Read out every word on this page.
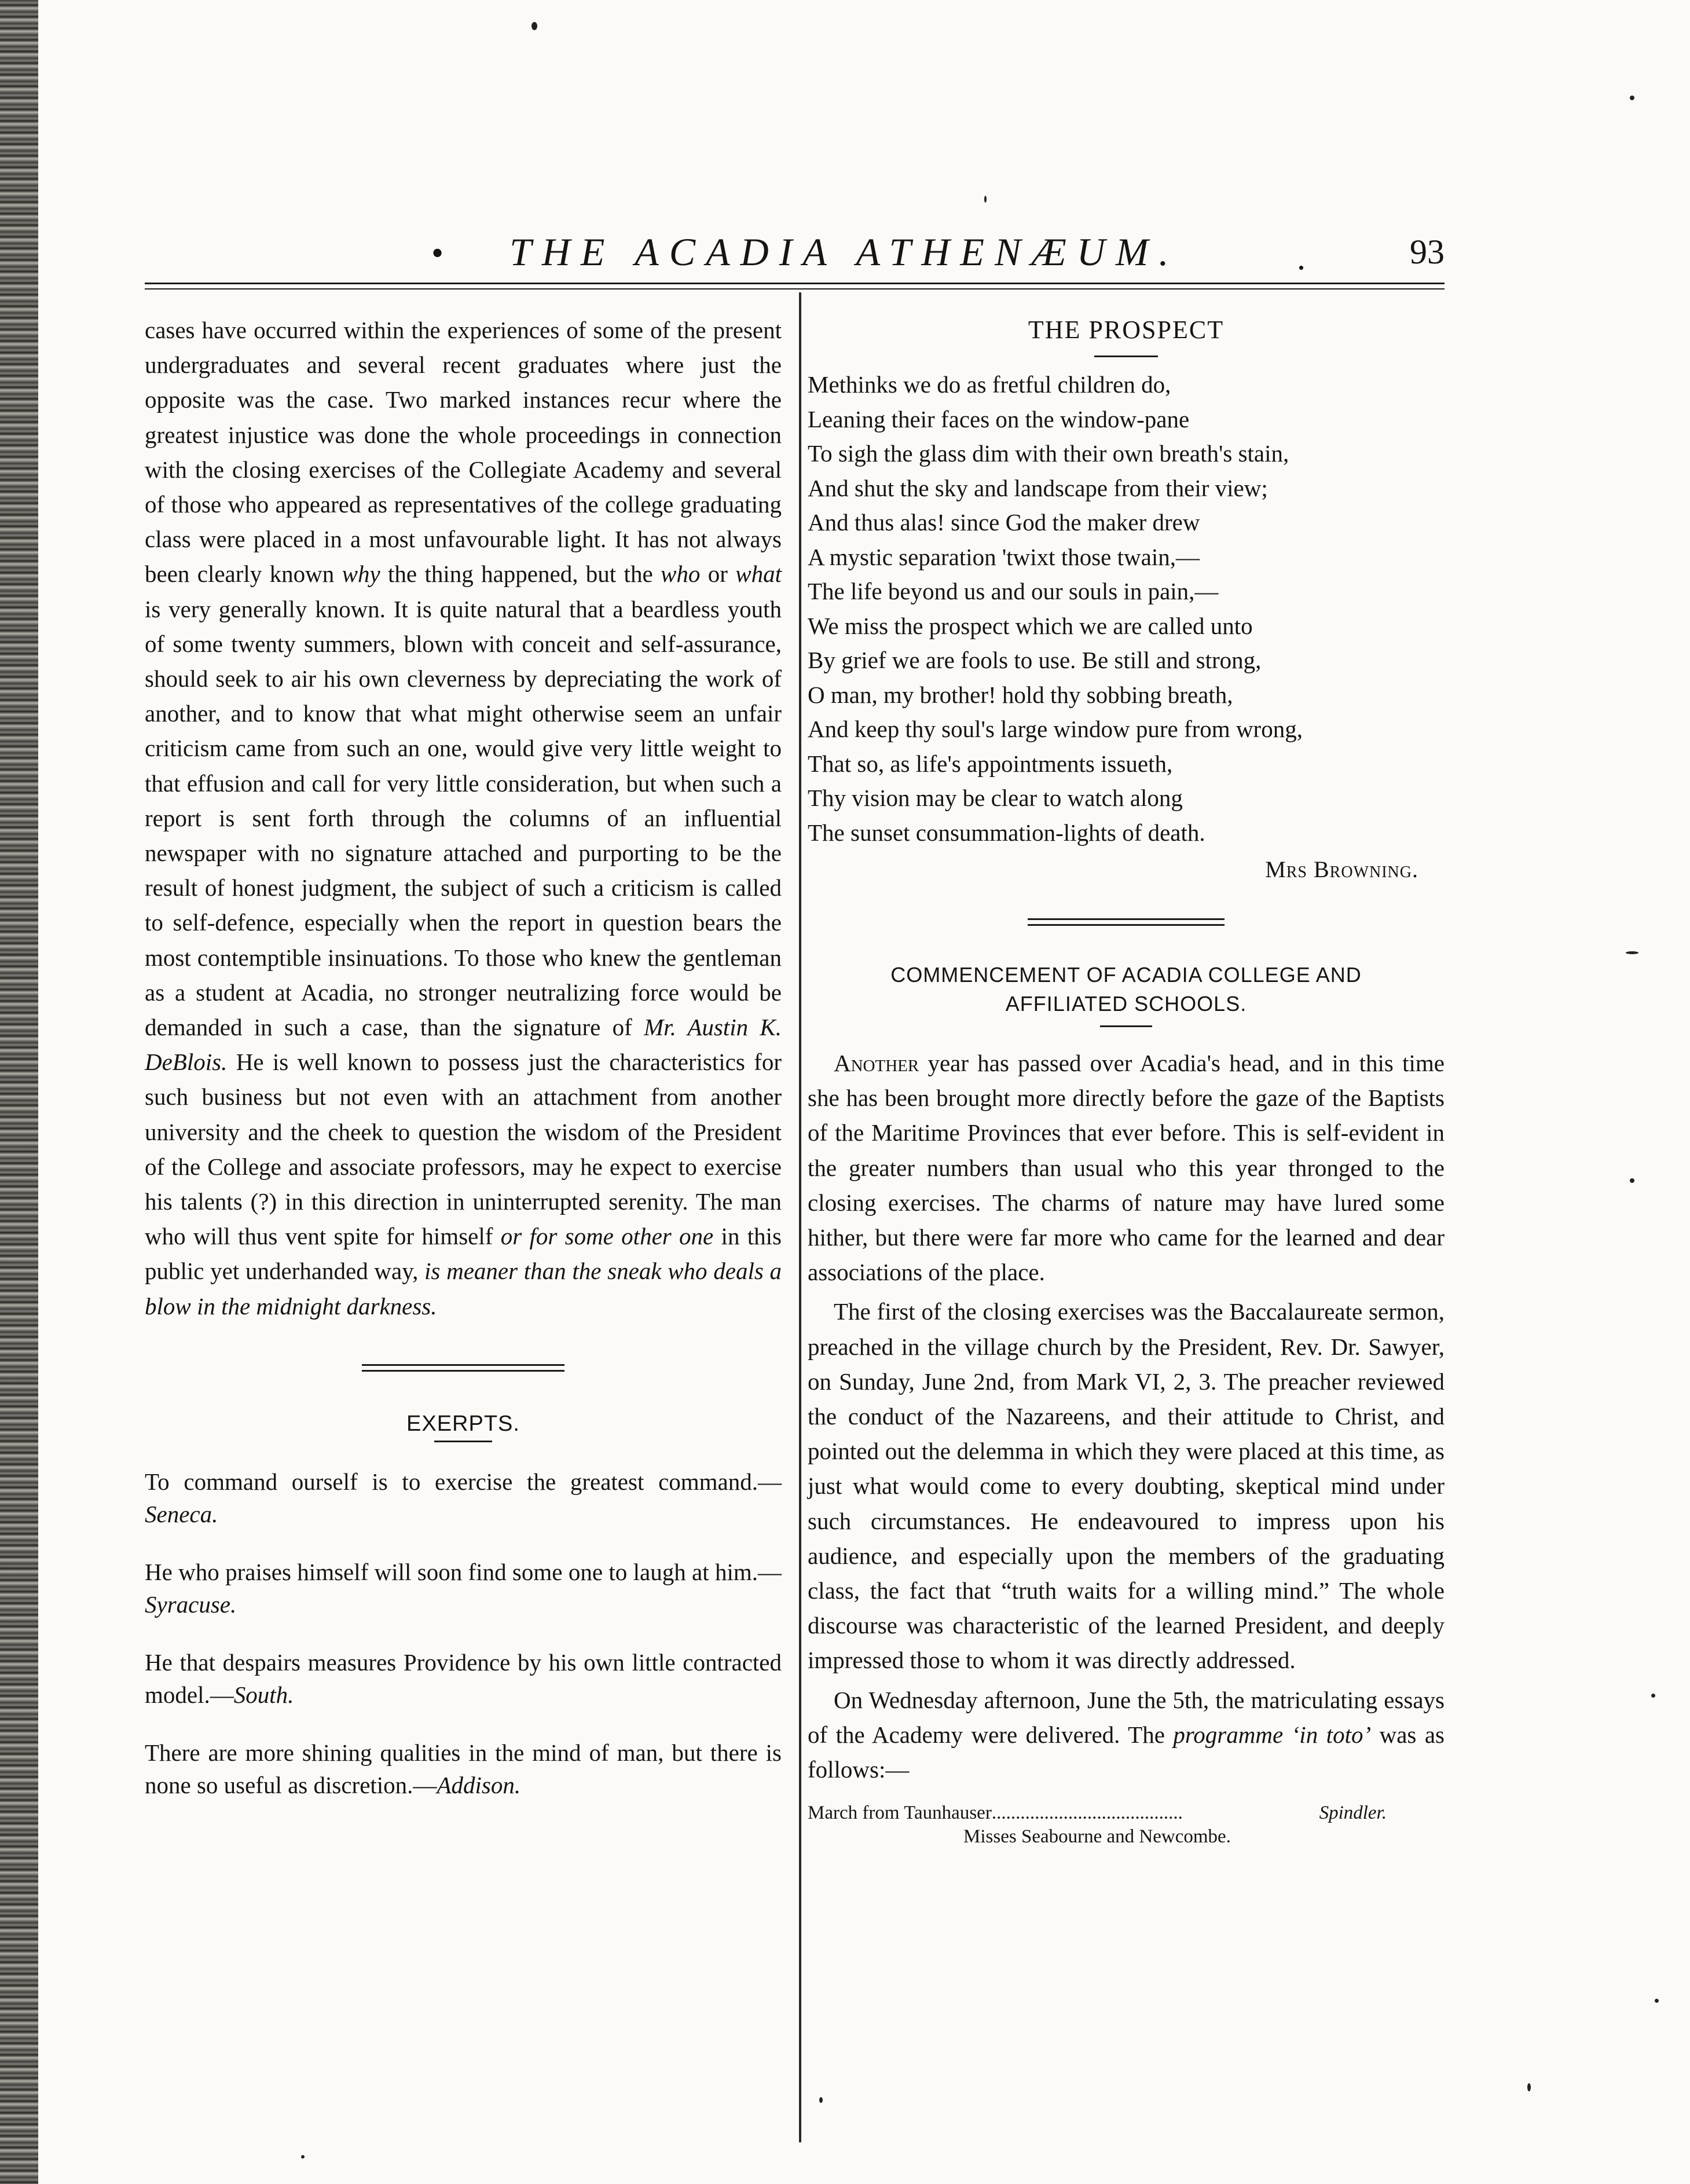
• THE ACADIA ATHENÆUM.	.	93

cases have occurred within the experiences of some of the present undergraduates and several recent graduates where just the opposite was the case. Two marked instances recur where the greatest injustice was done the whole proceedings in connection with the closing exercises of the Collegiate Academy and several of those who appeared as representatives of the college graduating class were placed in a most unfavourable light. It has not always been clearly known why the thing happened, but the who or what is very generally known. It is quite natural that a beardless youth of some twenty summers, blown with conceit and self-assurance, should seek to air his own cleverness by depreciating the work of another, and to know that what might otherwise seem an unfair criticism came from such an one, would give very little weight to that effusion and call for very little consideration, but when such a report is sent forth through the columns of an influential newspaper with no signature attached and purporting to be the result of honest judgment, the subject of such a criticism is called to self-defence, especially when the report in question bears the most contemptible insinuations. To those who knew the gentleman as a student at Acadia, no stronger neutralizing force would be demanded in such a case, than the signature of Mr. Austin K. DeBlois. He is well known to possess just the characteristics for such business but not even with an attachment from another university and the cheek to question the wisdom of the President of the College and associate professors, may he expect to exercise his talents (?) in this direction in uninterrupted serenity. The man who will thus vent spite for himself or for some other one in this public yet underhanded way, is meaner than the sneak who deals a blow in the midnight darkness.

EXERPTS.

To command ourself is to exercise the greatest command.—Seneca.

He who praises himself will soon find some one to laugh at him.—Syracuse.

He that despairs measures Providence by his own little contracted model.—South.

There are more shining qualities in the mind of man, but there is none so useful as discretion.—Addison.

THE PROSPECT

Methinks we do as fretful children do,
Leaning their faces on the window-pane
To sigh the glass dim with their own breath's stain,
And shut the sky and landscape from their view;
And thus alas! since God the maker drew
A mystic separation 'twixt those twain,—
The life beyond us and our souls in pain,—
We miss the prospect which we are called unto
By grief we are fools to use. Be still and strong,
O man, my brother! hold thy sobbing breath,
And keep thy soul's large window pure from wrong,
That so, as life's appointments issueth,
Thy vision may be clear to watch along
The sunset consummation-lights of death.

Mrs Browning.

COMMENCEMENT OF ACADIA COLLEGE AND
AFFILIATED SCHOOLS.

Another year has passed over Acadia's head, and in this time she has been brought more directly before the gaze of the Baptists of the Maritime Provinces that ever before. This is self-evident in the greater numbers than usual who this year thronged to the closing exercises. The charms of nature may have lured some hither, but there were far more who came for the learned and dear associations of the place.

The first of the closing exercises was the Baccalaureate sermon, preached in the village church by the President, Rev. Dr. Sawyer, on Sunday, June 2nd, from Mark VI, 2, 3. The preacher reviewed the conduct of the Nazareens, and their attitude to Christ, and pointed out the delemma in which they were placed at this time, as just what would come to every doubting, skeptical mind under such circumstances. He endeavoured to impress upon his audience, and especially upon the members of the graduating class, the fact that “truth waits for a willing mind.” The whole discourse was characteristic of the learned President, and deeply impressed those to whom it was directly addressed.

On Wednesday afternoon, June the 5th, the matriculating essays of the Academy were delivered. The programme ‘in toto’ was as follows:—

March from Taunhauser ........................................	Spindler.

Misses Seabourne and Newcombe.
